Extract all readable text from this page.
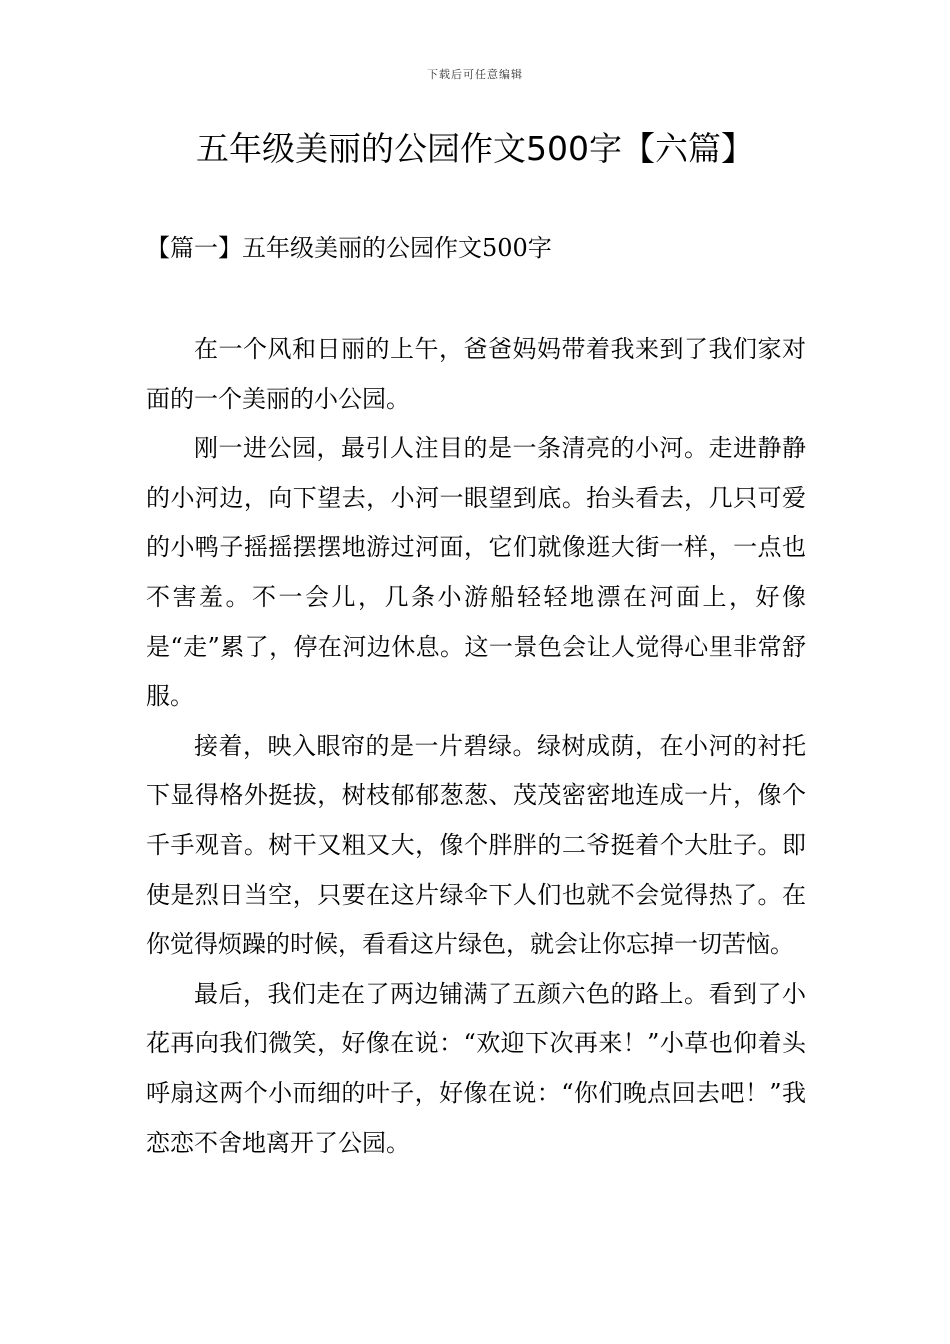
下载后可任意编辑
五年级美丽的公园作文500字【六篇】
【篇一】五年级美丽的公园作文500字

在一个风和日丽的上午，爸爸妈妈带着我来到了我们家对面的一个美丽的小公园。

刚一进公园，最引人注目的是一条清亮的小河。走进静静的小河边，向下望去，小河一眼望到底。抬头看去，几只可爱的小鸭子摇摇摆摆地游过河面，它们就像逛大街一样，一点也不害羞。不一会儿，几条小游船轻轻地漂在河面上，好像是“走”累了，停在河边休息。这一景色会让人觉得心里非常舒服。

接着，映入眼帘的是一片碧绿。绿树成荫，在小河的衬托下显得格外挺拔，树枝郁郁葱葱、茂茂密密地连成一片，像个千手观音。树干又粗又大，像个胖胖的二爷挺着个大肚子。即使是烈日当空，只要在这片绿伞下人们也就不会觉得热了。在你觉得烦躁的时候，看看这片绿色，就会让你忘掉一切苦恼。

最后，我们走在了两边铺满了五颜六色的路上。看到了小花再向我们微笑，好像在说：“欢迎下次再来！”小草也仰着头呼扇这两个小而细的叶子，好像在说：“你们晚点回去吧！”我恋恋不舍地离开了公园。
